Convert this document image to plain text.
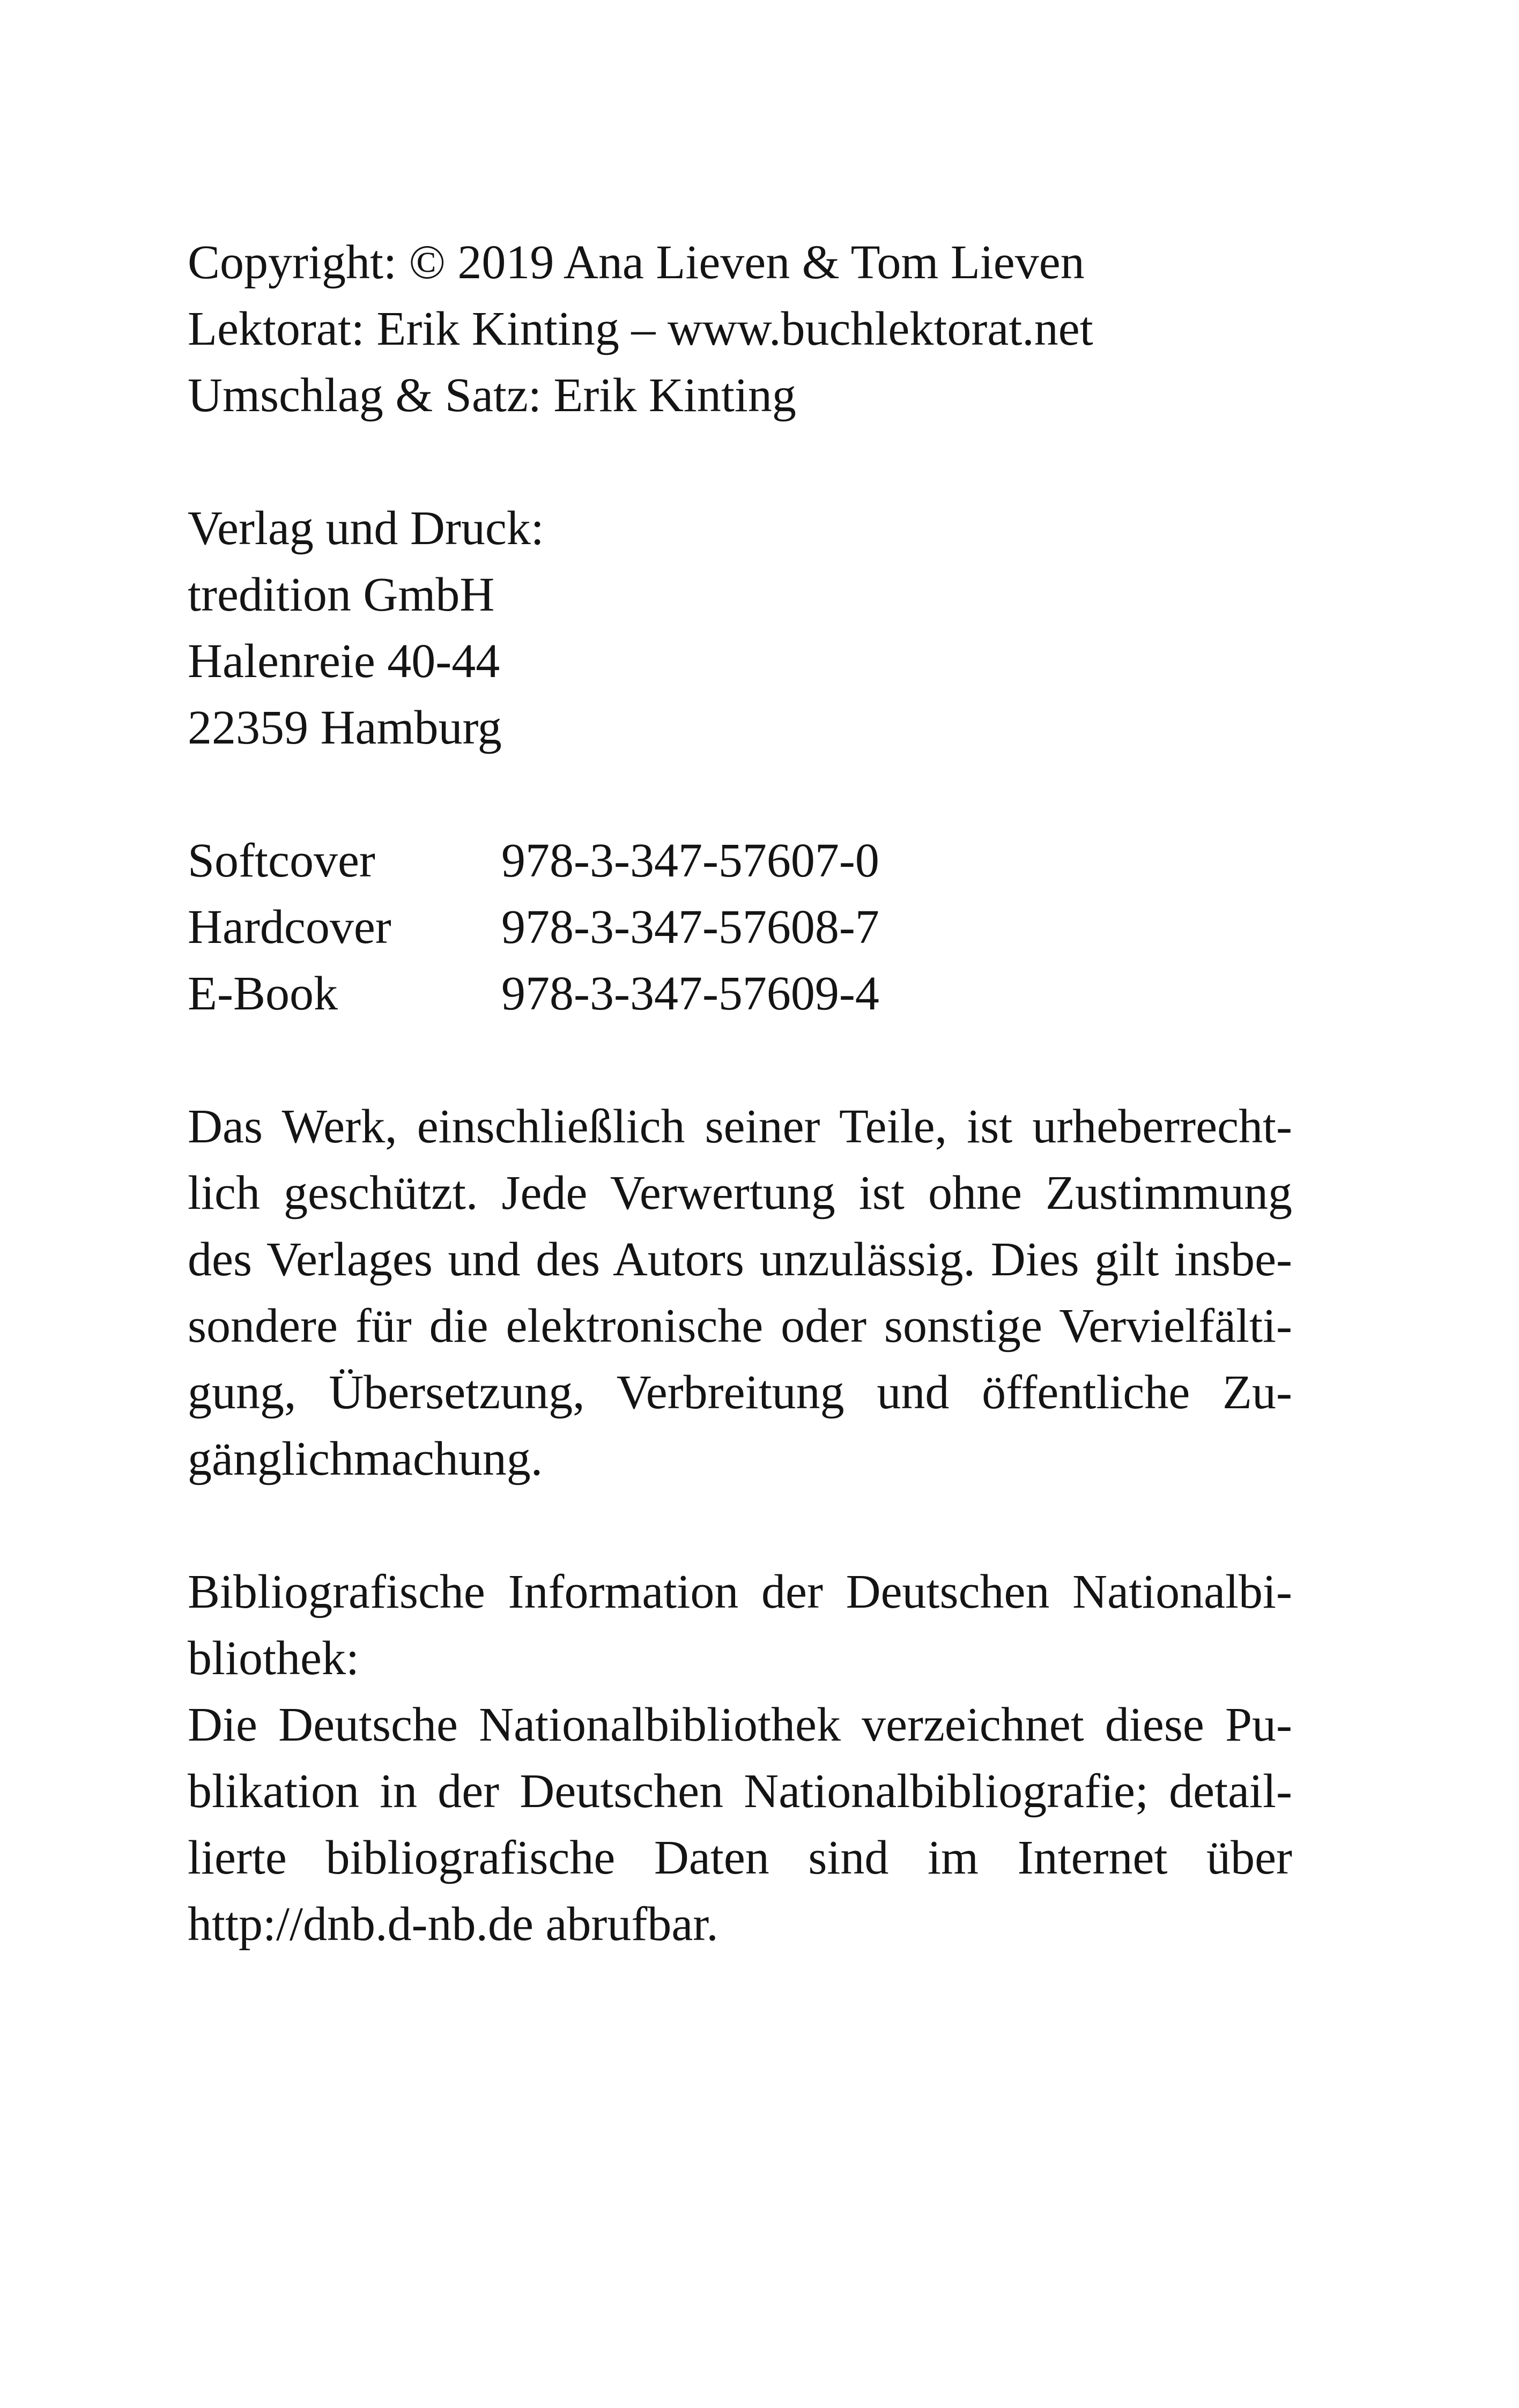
Copyright: © 2019 Ana Lieven & Tom Lieven
Lektorat: Erik Kinting – www.buchlektorat.net
Umschlag & Satz: Erik Kinting
Verlag und Druck:
tredition GmbH
Halenreie 40-44
22359 Hamburg
Softcover	978-3-347-57607-0
Hardcover 978-3-347-57608-7
E-Book	978-3-347-57609-4
Das Werk, einschließlich seiner Teile, ist urheberrecht-
lich geschützt. Jede Verwertung ist ohne Zustimmung
des Verlages und des Autors unzulässig. Dies gilt insbe-
sondere für die elektronische oder sonstige Vervielfälti-
gung, Übersetzung, Verbreitung und öffentliche Zu-
gänglichmachung.
Bibliografische Information der Deutschen Nationalbi-
bliothek:
Die Deutsche Nationalbibliothek verzeichnet diese Pu-
blikation in der Deutschen Nationalbibliografie; detail-
lierte bibliografische Daten sind im Internet über
http://dnb.d-nb.de abrufbar.
